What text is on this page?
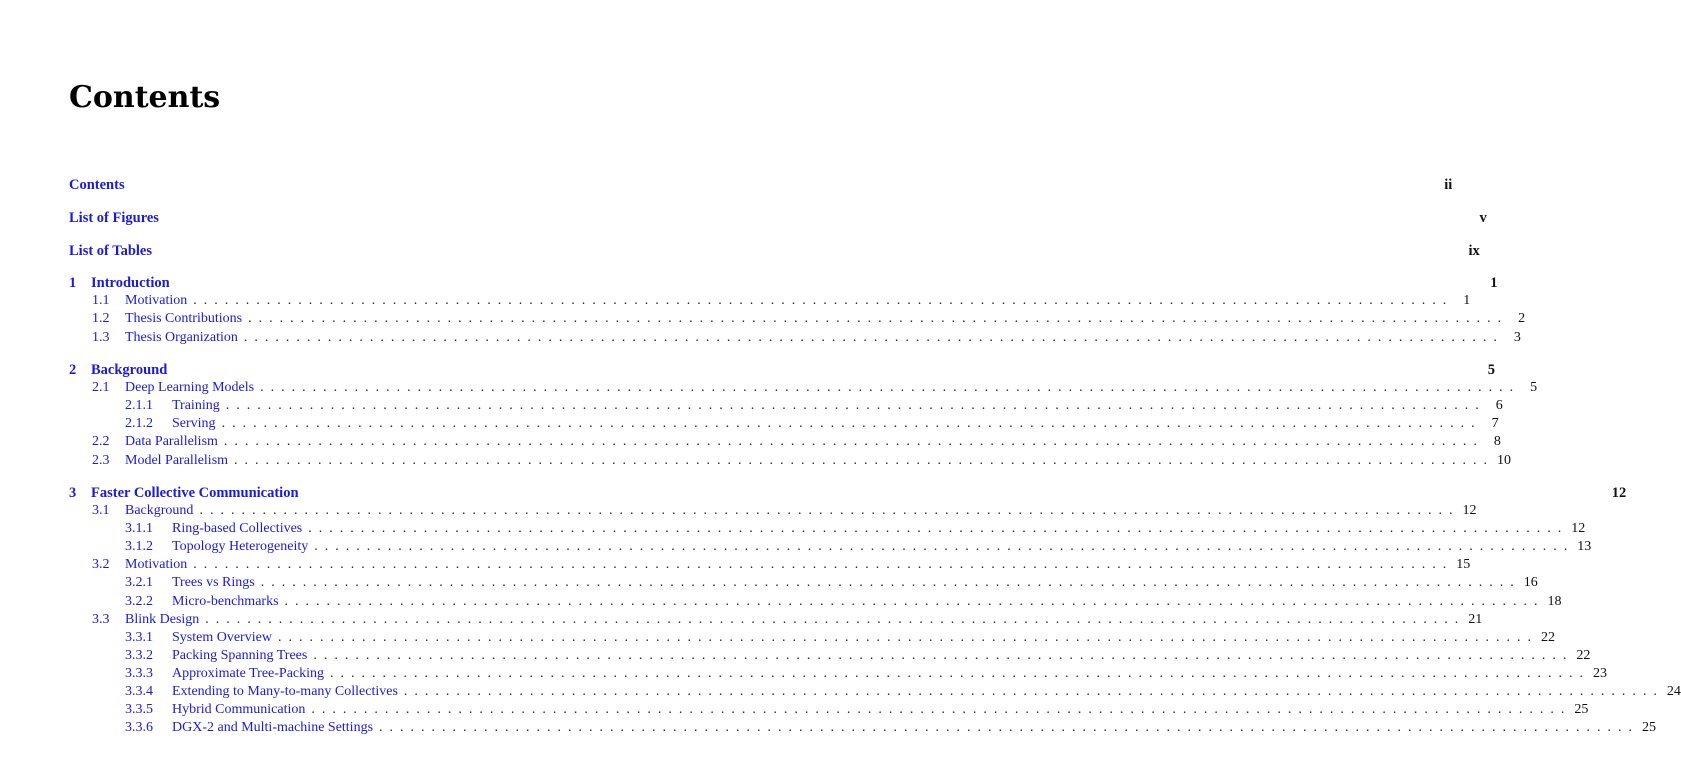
Contents
Contents	ii
List of Figures	v
List of Tables	ix
1	Introduction	1
1.1	Motivation . . . . . . . . . . . . . . . . . . . . . . . . . . . . . . . . . . . . . . . . . . . . . . . . . . . . . . . . . . . . . . . . . . . . . . . . . . . . . . . . . . . . . . . . . . . . . . . . . . . . . . . . . . . . . . . . . . . . . . . .	1
1.2	Thesis Contributions . . . . . . . . . . . . . . . . . . . . . . . . . . . . . . . . . . . . . . . . . . . . . . . . . . . . . . . . . . . . . . . . . . . . . . . . . . . . . . . . . . . . . . . . . . . . . . . . . . . . . . . . . . . . . . . . . . . . . . . .	2
1.3	Thesis Organization . . . . . . . . . . . . . . . . . . . . . . . . . . . . . . . . . . . . . . . . . . . . . . . . . . . . . . . . . . . . . . . . . . . . . . . . . . . . . . . . . . . . . . . . . . . . . . . . . . . . . . . . . . . . . . . . . . . . . . . .	3
2	Background	5
2.1	Deep Learning Models . . . . . . . . . . . . . . . . . . . . . . . . . . . . . . . . . . . . . . . . . . . . . . . . . . . . . . . . . . . . . . . . . . . . . . . . . . . . . . . . . . . . . . . . . . . . . . . . . . . . . . . . . . . . . . . . . . . . . . . .	5
2.1.1	Training . . . . . . . . . . . . . . . . . . . . . . . . . . . . . . . . . . . . . . . . . . . . . . . . . . . . . . . . . . . . . . . . . . . . . . . . . . . . . . . . . . . . . . . . . . . . . . . . . . . . . . . . . . . . . . . . . . . . . . . .	6
2.1.2	Serving . . . . . . . . . . . . . . . . . . . . . . . . . . . . . . . . . . . . . . . . . . . . . . . . . . . . . . . . . . . . . . . . . . . . . . . . . . . . . . . . . . . . . . . . . . . . . . . . . . . . . . . . . . . . . . . . . . . . . . . .	7
2.2	Data Parallelism . . . . . . . . . . . . . . . . . . . . . . . . . . . . . . . . . . . . . . . . . . . . . . . . . . . . . . . . . . . . . . . . . . . . . . . . . . . . . . . . . . . . . . . . . . . . . . . . . . . . . . . . . . . . . . . . . . . . . . . .	8
2.3	Model Parallelism . . . . . . . . . . . . . . . . . . . . . . . . . . . . . . . . . . . . . . . . . . . . . . . . . . . . . . . . . . . . . . . . . . . . . . . . . . . . . . . . . . . . . . . . . . . . . . . . . . . . . . . . . . . . . . . . . . . . . . . . 10
3	Faster Collective Communication	12
3.1	Background . . . . . . . . . . . . . . . . . . . . . . . . . . . . . . . . . . . . . . . . . . . . . . . . . . . . . . . . . . . . . . . . . . . . . . . . . . . . . . . . . . . . . . . . . . . . . . . . . . . . . . . . . . . . . . . . . . . . . . . . 12
3.1.1	Ring-based Collectives . . . . . . . . . . . . . . . . . . . . . . . . . . . . . . . . . . . . . . . . . . . . . . . . . . . . . . . . . . . . . . . . . . . . . . . . . . . . . . . . . . . . . . . . . . . . . . . . . . . . . . . . . . . . . . . . . . . . . . . . 12
3.1.2	Topology Heterogeneity . . . . . . . . . . . . . . . . . . . . . . . . . . . . . . . . . . . . . . . . . . . . . . . . . . . . . . . . . . . . . . . . . . . . . . . . . . . . . . . . . . . . . . . . . . . . . . . . . . . . . . . . . . . . . . . . . . . . . . . . 13
3.2	Motivation . . . . . . . . . . . . . . . . . . . . . . . . . . . . . . . . . . . . . . . . . . . . . . . . . . . . . . . . . . . . . . . . . . . . . . . . . . . . . . . . . . . . . . . . . . . . . . . . . . . . . . . . . . . . . . . . . . . . . . . . 15
3.2.1	Trees vs Rings . . . . . . . . . . . . . . . . . . . . . . . . . . . . . . . . . . . . . . . . . . . . . . . . . . . . . . . . . . . . . . . . . . . . . . . . . . . . . . . . . . . . . . . . . . . . . . . . . . . . . . . . . . . . . . . . . . . . . . . . 16
3.2.2	Micro-benchmarks . . . . . . . . . . . . . . . . . . . . . . . . . . . . . . . . . . . . . . . . . . . . . . . . . . . . . . . . . . . . . . . . . . . . . . . . . . . . . . . . . . . . . . . . . . . . . . . . . . . . . . . . . . . . . . . . . . . . . . . . 18
3.3	Blink Design . . . . . . . . . . . . . . . . . . . . . . . . . . . . . . . . . . . . . . . . . . . . . . . . . . . . . . . . . . . . . . . . . . . . . . . . . . . . . . . . . . . . . . . . . . . . . . . . . . . . . . . . . . . . . . . . . . . . . . . . 21
3.3.1	System Overview . . . . . . . . . . . . . . . . . . . . . . . . . . . . . . . . . . . . . . . . . . . . . . . . . . . . . . . . . . . . . . . . . . . . . . . . . . . . . . . . . . . . . . . . . . . . . . . . . . . . . . . . . . . . . . . . . . . . . . . . 22
3.3.2	Packing Spanning Trees . . . . . . . . . . . . . . . . . . . . . . . . . . . . . . . . . . . . . . . . . . . . . . . . . . . . . . . . . . . . . . . . . . . . . . . . . . . . . . . . . . . . . . . . . . . . . . . . . . . . . . . . . . . . . . . . . . . . . . . . 22
3.3.3	Approximate Tree-Packing . . . . . . . . . . . . . . . . . . . . . . . . . . . . . . . . . . . . . . . . . . . . . . . . . . . . . . . . . . . . . . . . . . . . . . . . . . . . . . . . . . . . . . . . . . . . . . . . . . . . . . . . . . . . . . . . . . . . . . . . 23
3.3.4	Extending to Many-to-many Collectives . . . . . . . . . . . . . . . . . . . . . . . . . . . . . . . . . . . . . . . . . . . . . . . . . . . . . . . . . . . . . . . . . . . . . . . . . . . . . . . . . . . . . . . . . . . . . . . . . . . . . . . . . . . . . . . . . . . . . . . . 24
3.3.5	Hybrid Communication . . . . . . . . . . . . . . . . . . . . . . . . . . . . . . . . . . . . . . . . . . . . . . . . . . . . . . . . . . . . . . . . . . . . . . . . . . . . . . . . . . . . . . . . . . . . . . . . . . . . . . . . . . . . . . . . . . . . . . . . 25
3.3.6	DGX-2 and Multi-machine Settings . . . . . . . . . . . . . . . . . . . . . . . . . . . . . . . . . . . . . . . . . . . . . . . . . . . . . . . . . . . . . . . . . . . . . . . . . . . . . . . . . . . . . . . . . . . . . . . . . . . . . . . . . . . . . . . . . . . . . . . . 25
